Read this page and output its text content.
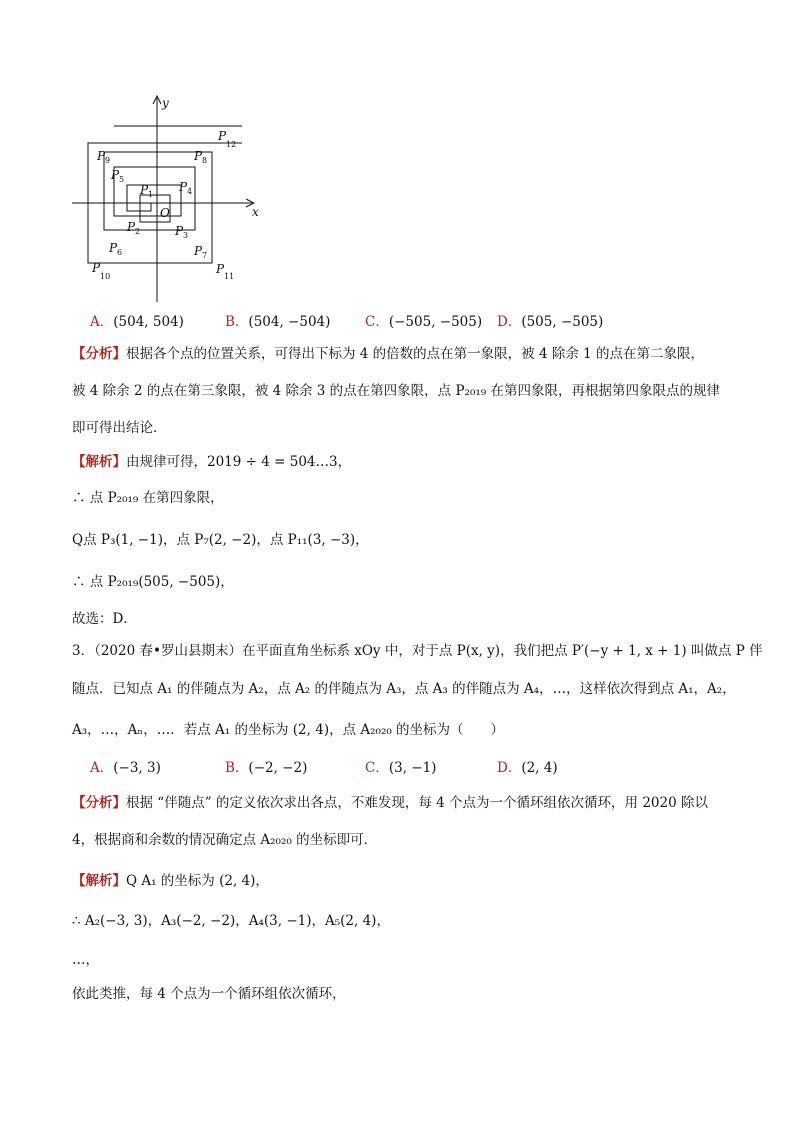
y
x
O
P 1
P 2	P 3
P 4
P 5
P 6	P 7
P 8
P 9
P
10
P
11
P
12
A．(504, 504)	B．(504, −504)	C．(−505, −505) D．(505, −505)
【分析】根据各个点的位置关系，可得出下标为 4 的倍数的点在第一象限，被 4 除余 1 的点在第二象限，
被 4 除余 2 的点在第三象限，被 4 除余 3 的点在第四象限，点 P₂₀₁₉ 在第四象限，再根据第四象限点的规律
即可得出结论．
【解析】由规律可得，2019 ÷ 4 = 504…3，
∴ 点 P₂₀₁₉ 在第四象限，
Q点 P₃(1, −1)，点 P₇(2, −2)，点 P₁₁(3, −3)，
∴ 点 P₂₀₁₉(505, −505)，
故选：D．
3．（2020 春•罗山县期末）在平面直角坐标系 xOy 中，对于点 P(x, y)，我们把点 P′(−y + 1, x + 1) 叫做点 P 伴
随点．已知点 A₁ 的伴随点为 A₂，点 A₂ 的伴随点为 A₃，点 A₃ 的伴随点为 A₄，…，这样依次得到点 A₁，A₂，
A₃，…，Aₙ，…．若点 A₁ 的坐标为 (2, 4)，点 A₂₀₂₀ 的坐标为（　　）
A．(−3, 3)	B．(−2, −2)	C．(3, −1)	D．(2, 4)
【分析】根据 “伴随点” 的定义依次求出各点，不难发现，每 4 个点为一个循环组依次循环，用 2020 除以
4，根据商和余数的情况确定点 A₂₀₂₀ 的坐标即可．
【解析】Q A₁ 的坐标为 (2, 4)，
∴ A₂(−3, 3)，A₃(−2, −2)，A₄(3, −1)，A₅(2, 4)，
…，
依此类推，每 4 个点为一个循环组依次循环，
